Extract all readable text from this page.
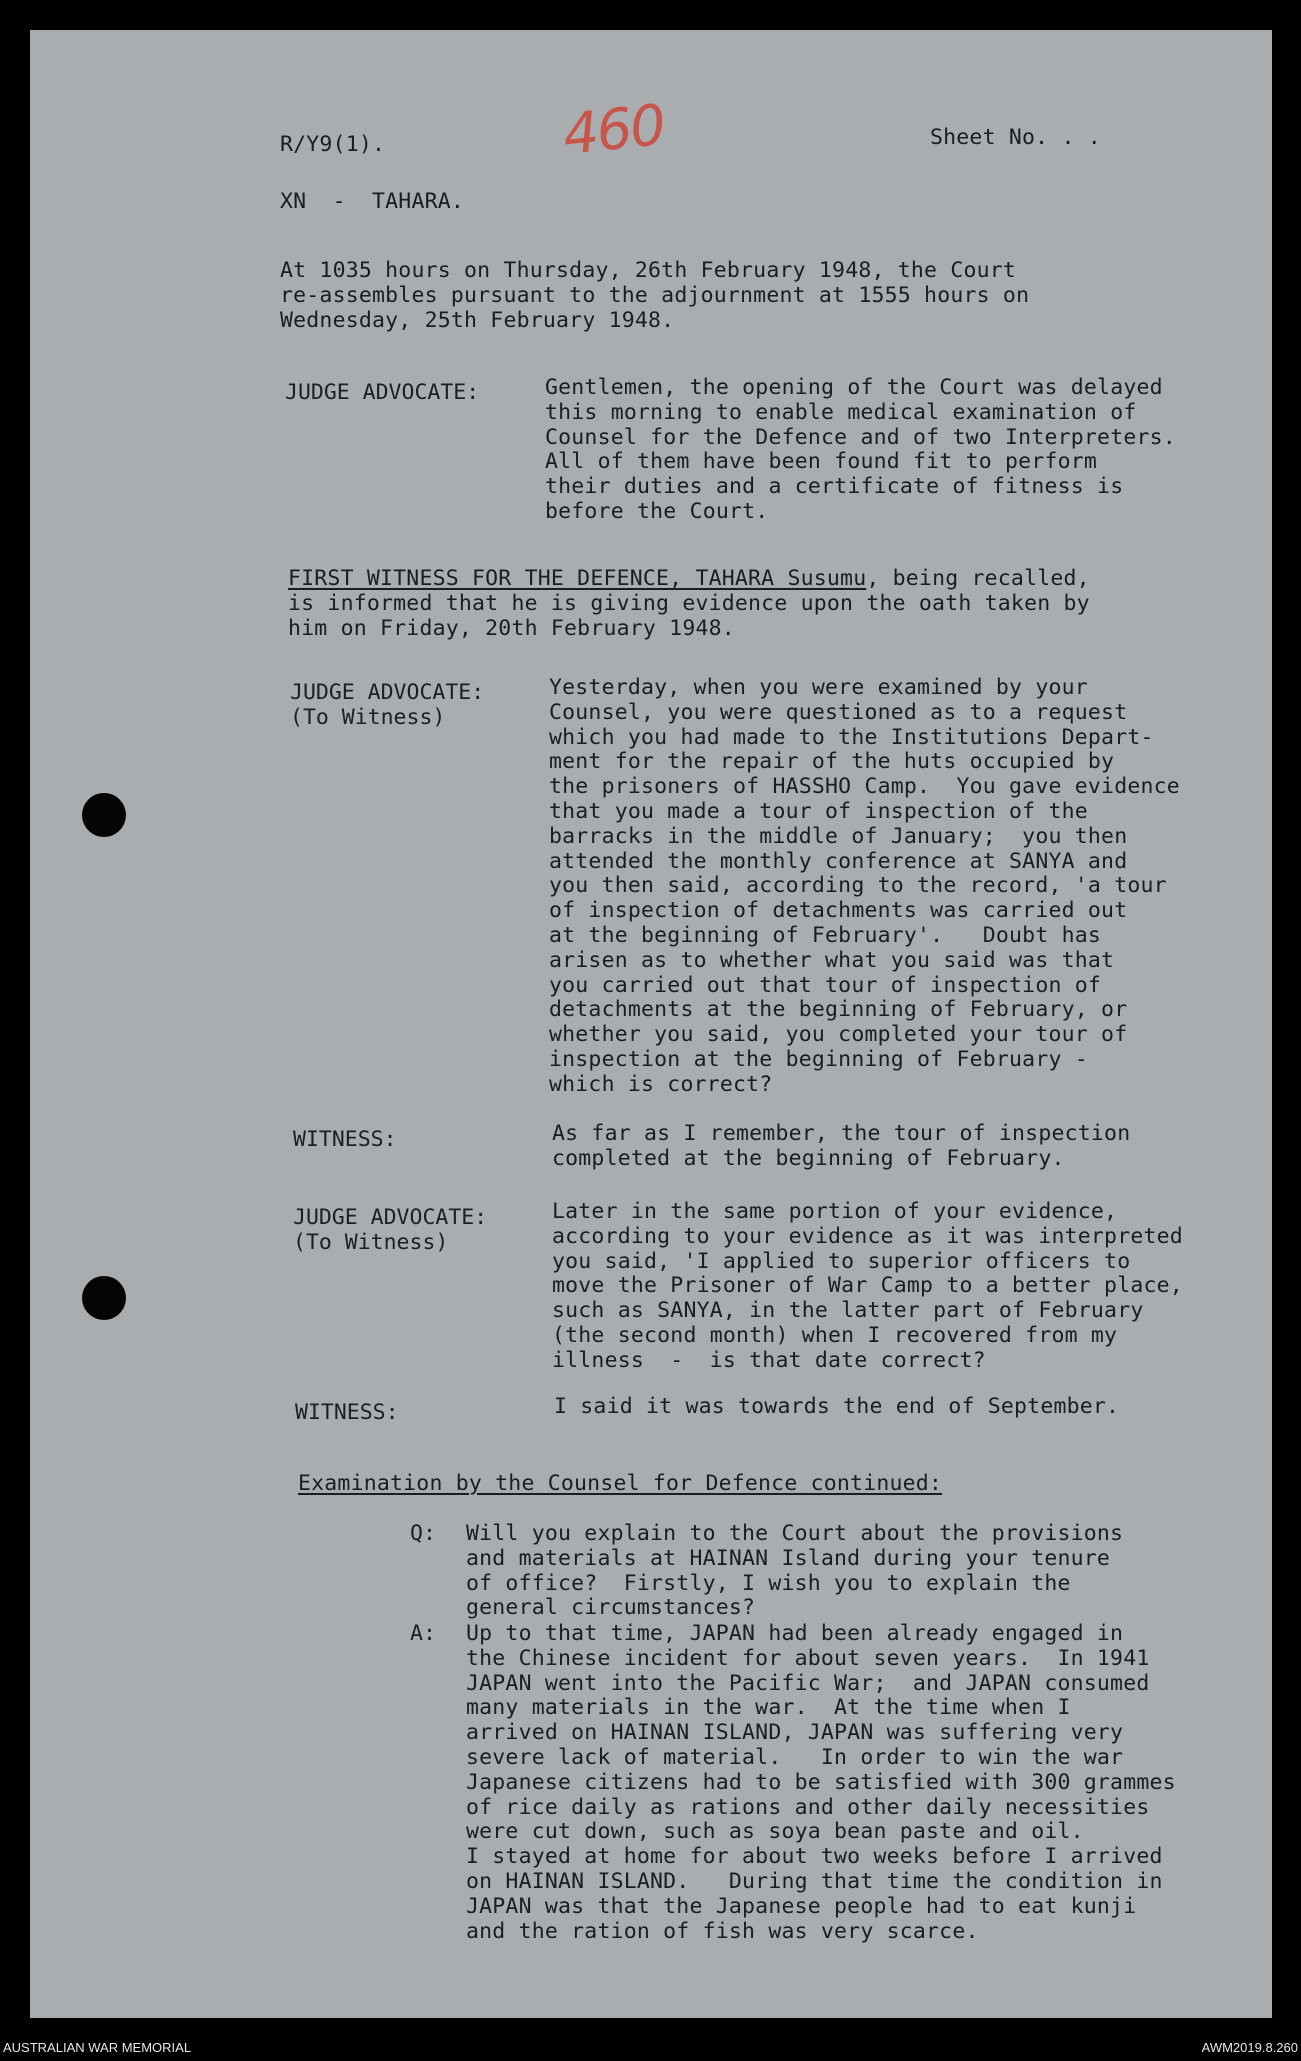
R/Y9(1).	Sheet No. . .
460
XN  -  TAHARA.
At 1035 hours on Thursday, 26th February 1948, the Court
re-assembles pursuant to the adjournment at 1555 hours on
Wednesday, 25th February 1948.
JUDGE ADVOCATE:	Gentlemen, the opening of the Court was delayed
this morning to enable medical examination of
Counsel for the Defence and of two Interpreters.
All of them have been found fit to perform
their duties and a certificate of fitness is
before the Court.
FIRST WITNESS FOR THE DEFENCE, TAHARA Susumu, being recalled,
is informed that he is giving evidence upon the oath taken by
him on Friday, 20th February 1948.
JUDGE ADVOCATE:
(To Witness)
Yesterday, when you were examined by your
Counsel, you were questioned as to a request
which you had made to the Institutions Depart-
ment for the repair of the huts occupied by
the prisoners of HASSHO Camp.  You gave evidence
that you made a tour of inspection of the
barracks in the middle of January;  you then
attended the monthly conference at SANYA and
you then said, according to the record, 'a tour
of inspection of detachments was carried out
at the beginning of February'.   Doubt has
arisen as to whether what you said was that
you carried out that tour of inspection of
detachments at the beginning of February, or
whether you said, you completed your tour of
inspection at the beginning of February -
which is correct?
WITNESS:	As far as I remember, the tour of inspection
completed at the beginning of February.
JUDGE ADVOCATE:
(To Witness)
Later in the same portion of your evidence,
according to your evidence as it was interpreted
you said, 'I applied to superior officers to
move the Prisoner of War Camp to a better place,
such as SANYA, in the latter part of February
(the second month) when I recovered from my
illness  -  is that date correct?
WITNESS:	I said it was towards the end of September.
Examination by the Counsel for Defence continued:
Q: Will you explain to the Court about the provisions
and materials at HAINAN Island during your tenure
of office?  Firstly, I wish you to explain the
general circumstances?
A: Up to that time, JAPAN had been already engaged in
the Chinese incident for about seven years.  In 1941
JAPAN went into the Pacific War;  and JAPAN consumed
many materials in the war.  At the time when I
arrived on HAINAN ISLAND, JAPAN was suffering very
severe lack of material.   In order to win the war
Japanese citizens had to be satisfied with 300 grammes
of rice daily as rations and other daily necessities
were cut down, such as soya bean paste and oil.
I stayed at home for about two weeks before I arrived
on HAINAN ISLAND.   During that time the condition in
JAPAN was that the Japanese people had to eat kunji
and the ration of fish was very scarce.
AUSTRALIAN WAR MEMORIAL	AWM2019.8.260
